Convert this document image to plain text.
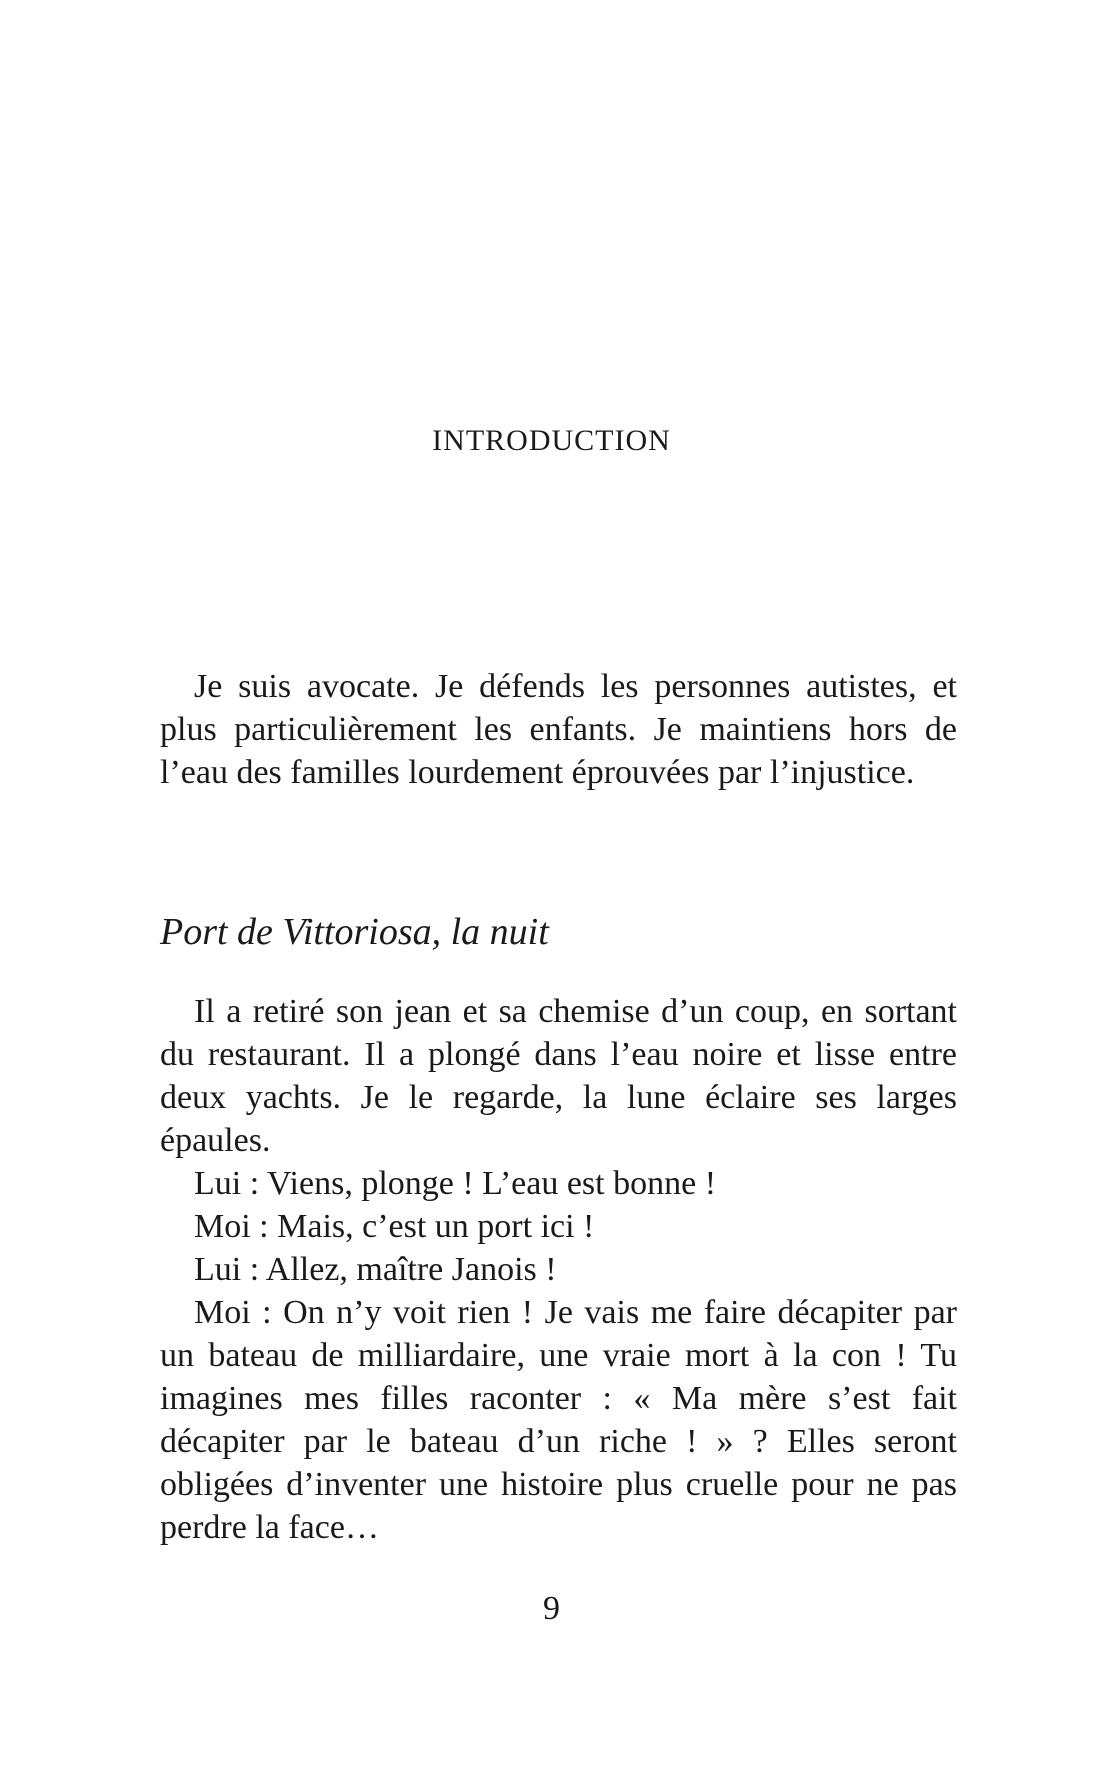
INTRODUCTION

Je suis avocate. Je défends les personnes autistes, et plus particulièrement les enfants. Je maintiens hors de l’eau des familles lourdement éprouvées par l’injustice.

Port de Vittoriosa, la nuit

Il a retiré son jean et sa chemise d’un coup, en sortant du restaurant. Il a plongé dans l’eau noire et lisse entre deux yachts. Je le regarde, la lune éclaire ses larges épaules.

Lui : Viens, plonge ! L’eau est bonne !

Moi : Mais, c’est un port ici !

Lui : Allez, maître Janois !

Moi : On n’y voit rien ! Je vais me faire décapiter par un bateau de milliardaire, une vraie mort à la con ! Tu imagines mes filles raconter : « Ma mère s’est fait décapiter par le bateau d’un riche ! » ? Elles seront obligées d’inventer une histoire plus cruelle pour ne pas perdre la face…

9
